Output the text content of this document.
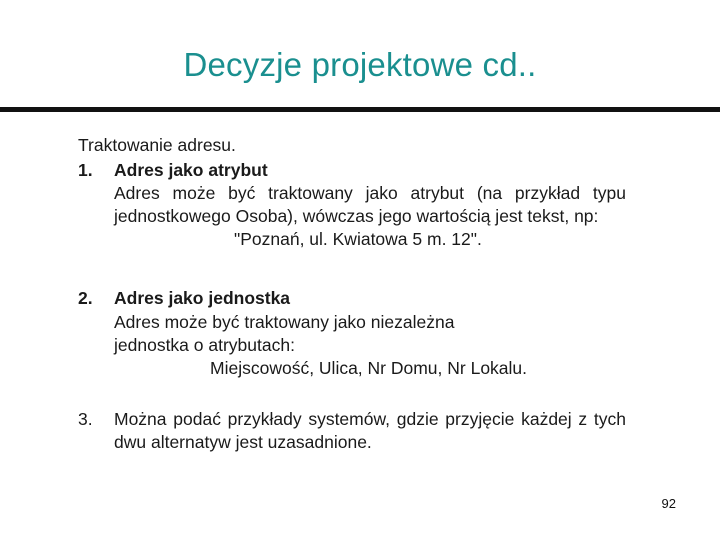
Decyzje projektowe cd..
Traktowanie adresu.
1.	Adres jako atrybut
Adres może być traktowany jako atrybut (na przykład typu jednostkowego Osoba), wówczas jego wartością jest tekst, np:
"Poznań, ul. Kwiatowa 5 m. 12".
2.	Adres jako jednostka
Adres może być traktowany jako niezależna jednostka o atrybutach:
Miejscowość, Ulica, Nr Domu, Nr Lokalu.
3.	Można podać przykłady systemów, gdzie przyjęcie każdej z tych dwu alternatyw jest uzasadnione.
92
